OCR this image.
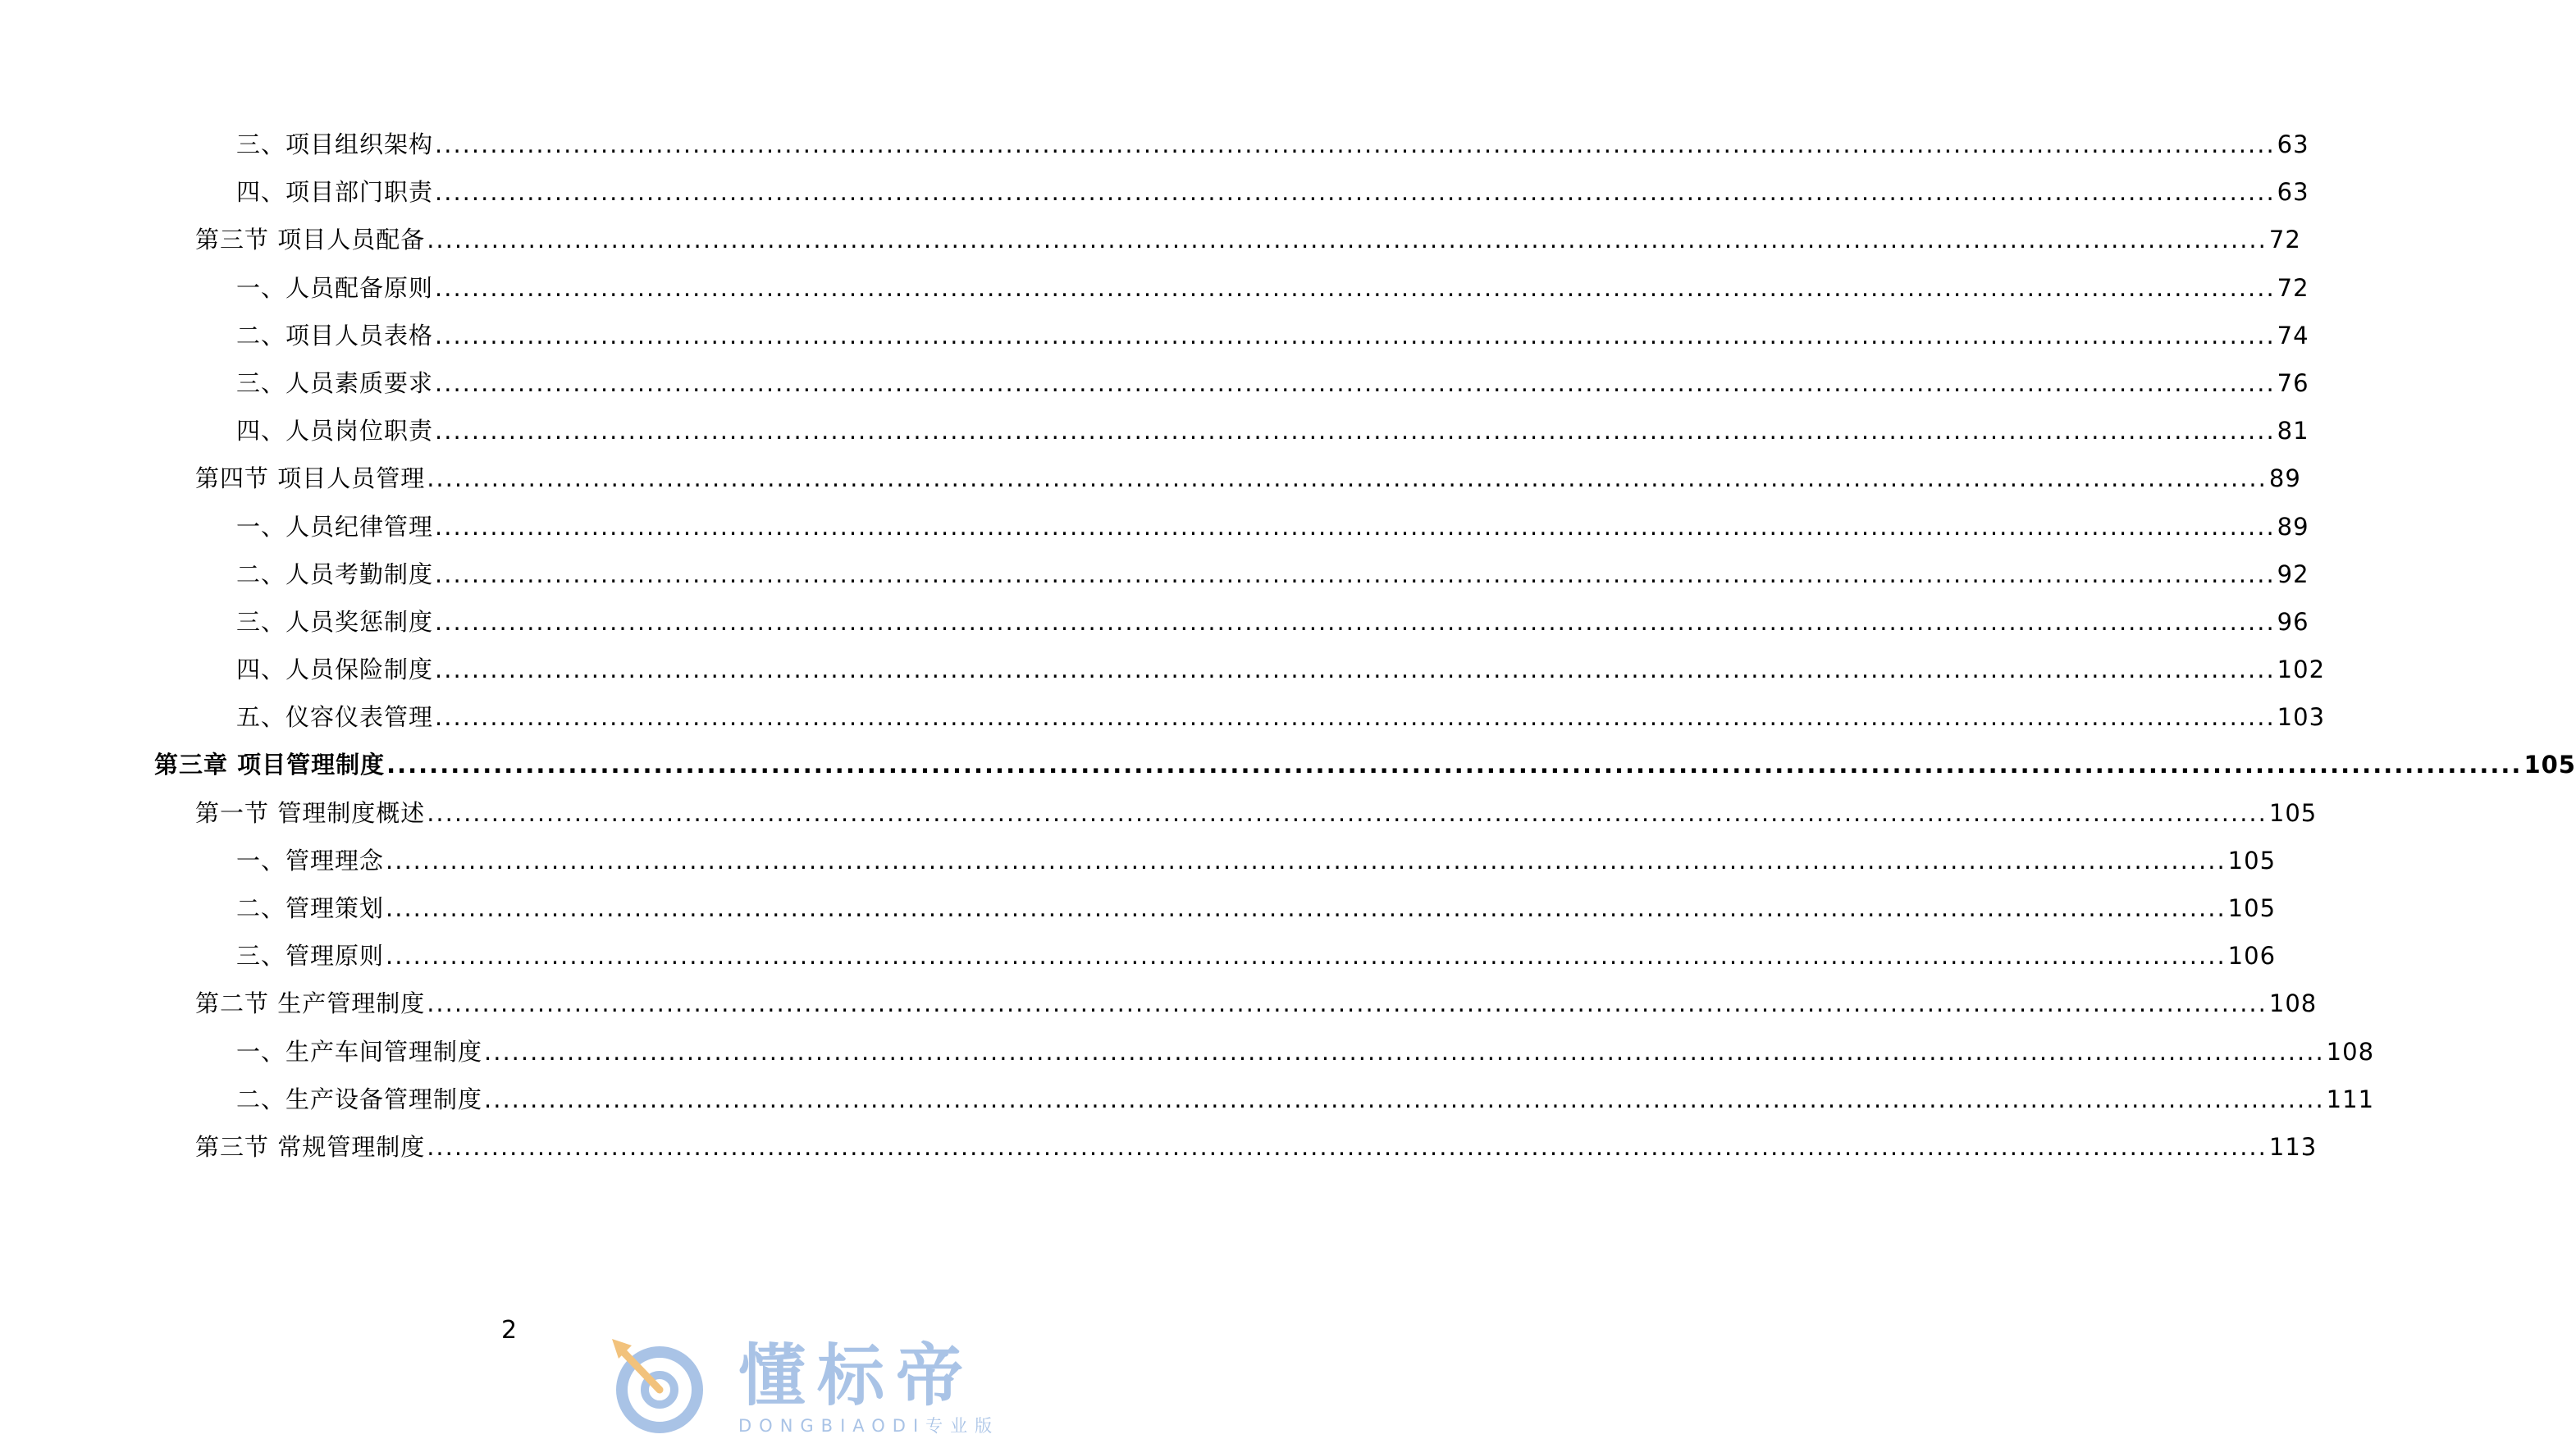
三、项目组织架构 ........................................................................................................................................................................................................ 63
四、项目部门职责 ........................................................................................................................................................................................................ 63
第三节 项目人员配备 ........................................................................................................................................................................................................ 72
一、人员配备原则 ........................................................................................................................................................................................................ 72
二、项目人员表格 ........................................................................................................................................................................................................ 74
三、人员素质要求 ........................................................................................................................................................................................................ 76
四、人员岗位职责 ........................................................................................................................................................................................................ 81
第四节 项目人员管理 ........................................................................................................................................................................................................ 89
一、人员纪律管理 ........................................................................................................................................................................................................ 89
二、人员考勤制度 ........................................................................................................................................................................................................ 92
三、人员奖惩制度 ........................................................................................................................................................................................................ 96
四、人员保险制度 ........................................................................................................................................................................................................ 102
五、仪容仪表管理 ........................................................................................................................................................................................................ 103
第三章 项目管理制度 ........................................................................................................................................................................................................ 105
第一节 管理制度概述 ........................................................................................................................................................................................................ 105
一、管理理念 ........................................................................................................................................................................................................ 105
二、管理策划 ........................................................................................................................................................................................................ 105
三、管理原则 ........................................................................................................................................................................................................ 106
第二节 生产管理制度 ........................................................................................................................................................................................................ 108
一、生产车间管理制度 ........................................................................................................................................................................................................ 108
二、生产设备管理制度 ........................................................................................................................................................................................................ 111
第三节 常规管理制度 ........................................................................................................................................................................................................ 113
2
懂标帝
DONGBIAODI专业版
